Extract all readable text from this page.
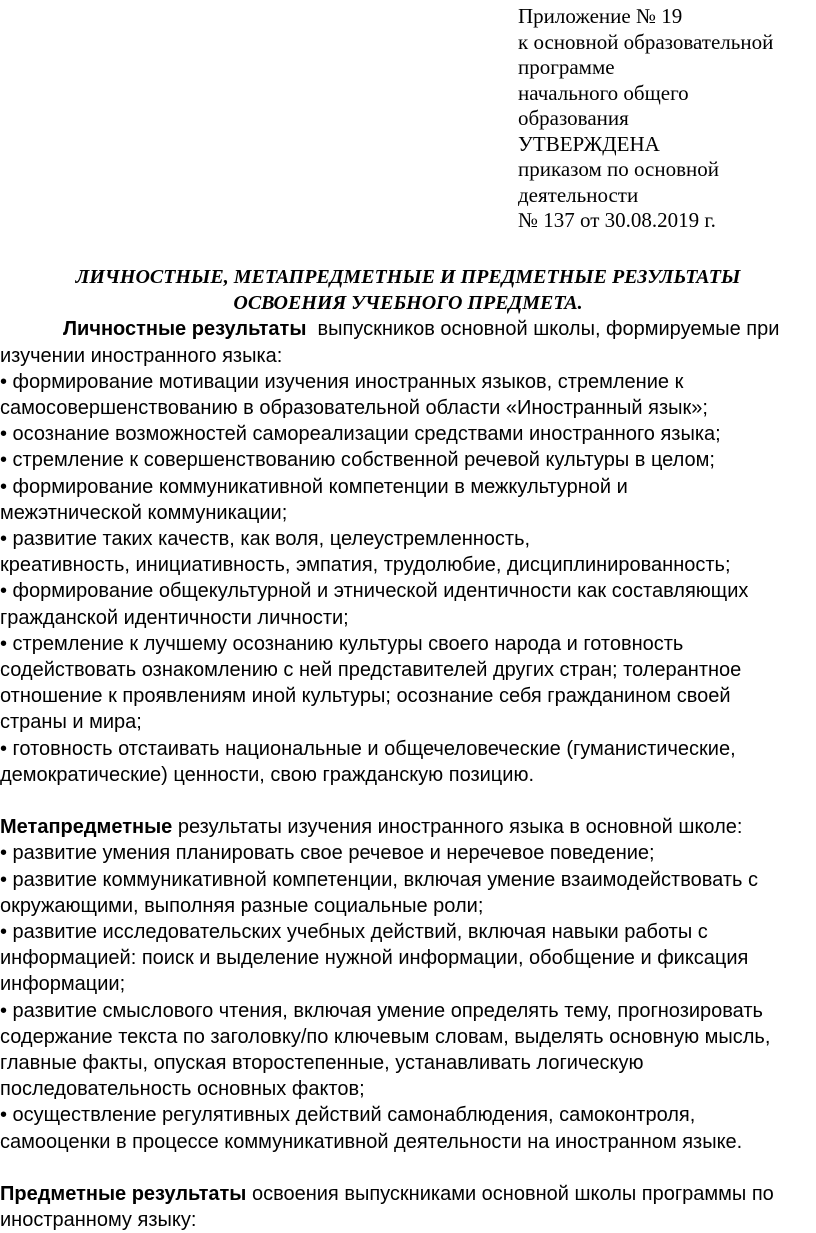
Приложение № 19
к основной образовательной
программе
начального общего
образования
УТВЕРЖДЕНА
приказом по основной
деятельности
№ 137 от 30.08.2019 г.
ЛИЧНОСТНЫЕ, МЕТАПРЕДМЕТНЫЕ И ПРЕДМЕТНЫЕ РЕЗУЛЬТАТЫ
ОСВОЕНИЯ УЧЕБНОГО ПРЕДМЕТА.
Личностные результаты  выпускников основной школы, формируемые при
изучении иностранного языка:
• формирование мотивации изучения иностранных языков, стремление к
самосовершенствованию в образовательной области «Иностранный язык»;
• осознание возможностей самореализации средствами иностранного языка;
• стремление к совершенствованию собственной речевой культуры в целом;
• формирование коммуникативной компетенции в межкультурной и
межэтнической коммуникации;
• развитие таких качеств, как воля, целеустремленность,
креативность, инициативность, эмпатия, трудолюбие, дисциплинированность;
• формирование общекультурной и этнической идентичности как составляющих
гражданской идентичности личности;
• стремление к лучшему осознанию культуры своего народа и готовность
содействовать ознакомлению с ней представителей других стран; толерантное
отношение к проявлениям иной культуры; осознание себя гражданином своей
страны и мира;
• готовность отстаивать национальные и общечеловеческие (гуманистические,
демократические) ценности, свою гражданскую позицию.
Метапредметные результаты изучения иностранного языка в основной школе:
• развитие умения планировать свое речевое и неречевое поведение;
• развитие коммуникативной компетенции, включая умение взаимодействовать с
окружающими, выполняя разные социальные роли;
• развитие исследовательских учебных действий, включая навыки работы с
информацией: поиск и выделение нужной информации, обобщение и фиксация
информации;
• развитие смыслового чтения, включая умение определять тему, прогнозировать
содержание текста по заголовку/по ключевым словам, выделять основную мысль,
главные факты, опуская второстепенные, устанавливать логическую
последовательность основных фактов;
• осуществление регулятивных действий самонаблюдения, самоконтроля,
самооценки в процессе коммуникативной деятельности на иностранном языке.
Предметные результаты освоения выпускниками основной школы программы по
иностранному языку:
